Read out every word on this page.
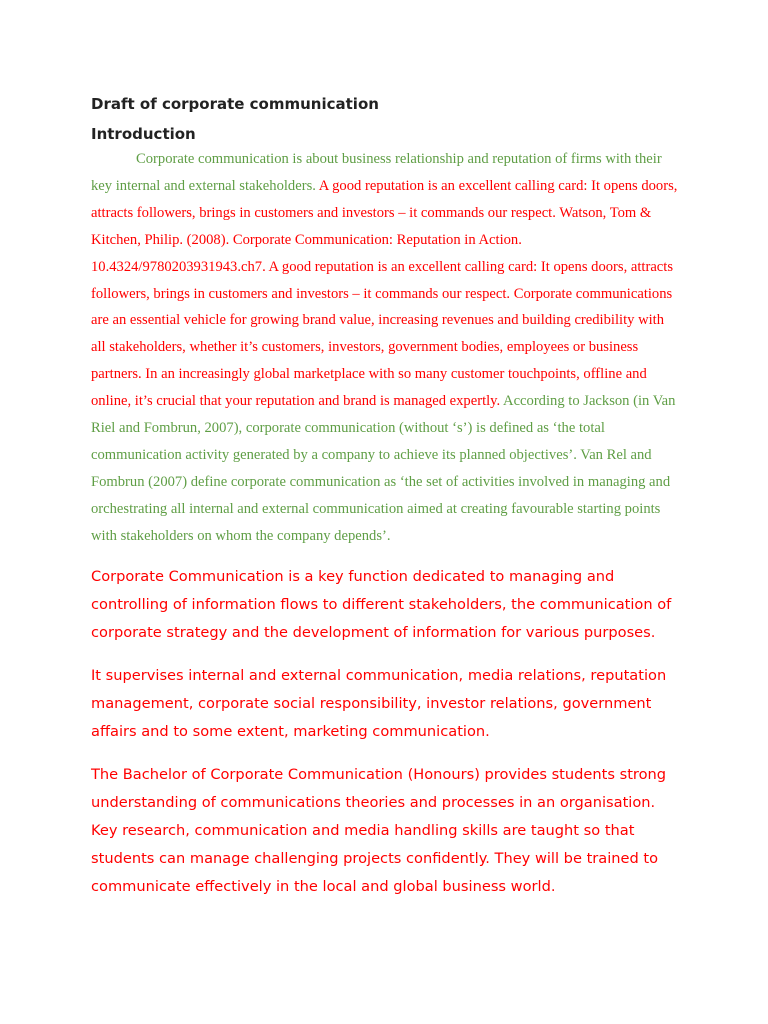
Draft of corporate communication
Introduction

Corporate communication is about business relationship and reputation of firms with their key internal and external stakeholders. A good reputation is an excellent calling card: It opens doors, attracts followers, brings in customers and investors – it commands our respect. Watson, Tom & Kitchen, Philip. (2008). Corporate Communication: Reputation in Action. 10.4324/9780203931943.ch7. A good reputation is an excellent calling card: It opens doors, attracts followers, brings in customers and investors – it commands our respect. Corporate communications are an essential vehicle for growing brand value, increasing revenues and building credibility with all stakeholders, whether it’s customers, investors, government bodies, employees or business partners. In an increasingly global marketplace with so many customer touchpoints, offline and online, it’s crucial that your reputation and brand is managed expertly. According to Jackson (in Van Riel and Fombrun, 2007), corporate communication (without ‘s’) is defined as ‘the total communication activity generated by a company to achieve its planned objectives’. Van Rel and Fombrun (2007) define corporate communication as ‘the set of activities involved in managing and orchestrating all internal and external communication aimed at creating favourable starting points with stakeholders on whom the company depends’.

Corporate Communication is a key function dedicated to managing and controlling of information flows to different stakeholders, the communication of corporate strategy and the development of information for various purposes.

It supervises internal and external communication, media relations, reputation management, corporate social responsibility, investor relations, government affairs and to some extent, marketing communication.

The Bachelor of Corporate Communication (Honours) provides students strong understanding of communications theories and processes in an organisation. Key research, communication and media handling skills are taught so that students can manage challenging projects confidently. They will be trained to communicate effectively in the local and global business world.
